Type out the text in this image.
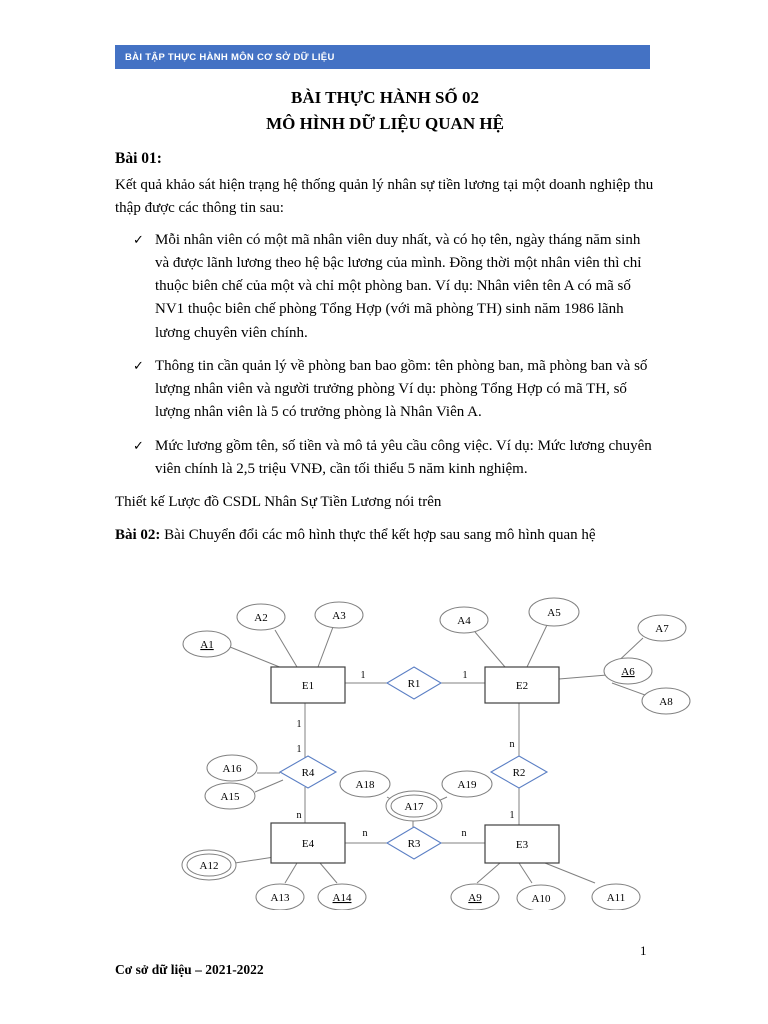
BÀI TẬP THỰC HÀNH MÔN CƠ SỞ DỮ LIỆU
BÀI THỰC HÀNH SỐ 02
MÔ HÌNH DỮ LIỆU QUAN HỆ
Bài 01:

Kết quả khảo sát hiện trạng hệ thống quản lý nhân sự tiền lương tại một doanh nghiệp thu thập được các thông tin sau:

✓ Mỗi nhân viên có một mã nhân viên duy nhất, và có họ tên, ngày tháng năm sinh và được lãnh lương theo hệ bậc lương của mình. Đồng thời một nhân viên thì chỉ thuộc biên chế của một và chỉ một phòng ban. Ví dụ: Nhân viên tên A có mã số NV1 thuộc biên chế phòng Tổng Hợp (với mã phòng TH) sinh năm 1986 lãnh lương chuyên viên chính.
✓ Thông tin cần quản lý về phòng ban bao gồm: tên phòng ban, mã phòng ban và số lượng nhân viên và người trưởng phòng Ví dụ: phòng Tổng Hợp có mã TH, số lượng nhân viên là 5 có trưởng phòng là Nhân Viên A.
✓ Mức lương gồm tên, số tiền và mô tả yêu cầu công việc. Ví dụ: Mức lương chuyên viên chính là 2,5 triệu VNĐ, cần tối thiểu 5 năm kinh nghiệm.

Thiết kế Lược đồ CSDL Nhân Sự Tiền Lương nói trên

Bài 02: Bài Chuyển đổi các mô hình thực thể kết hợp sau sang mô hình quan hệ

E1	E2
E3
E4
R1
R2
R3
R4
A1
A2	A3	A4
A5
A6
A7
A8
A9	A10	A11
A12
A13	A14
A15
A16
A17
A18	A19
1	1
1
n
1
n
n	n
1
1
Cơ sở dữ liệu – 2021-2022
